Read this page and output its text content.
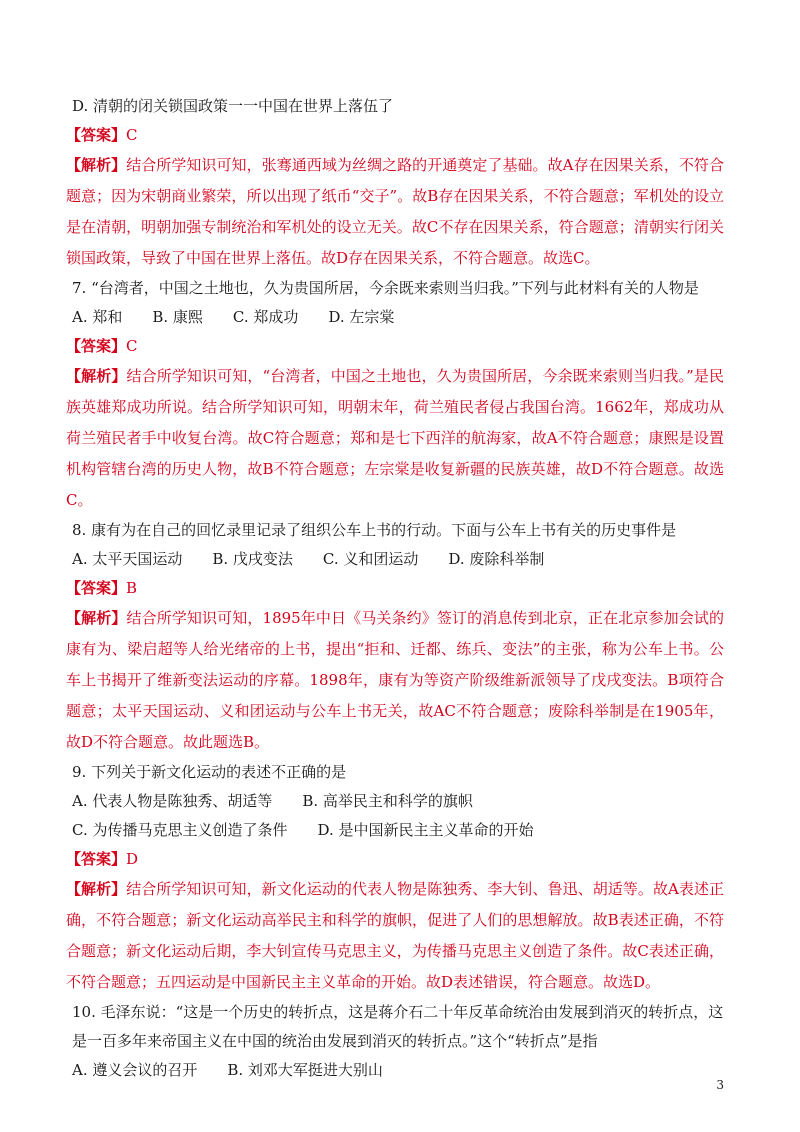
D. 清朝的闭关锁国政策一一中国在世界上落伍了

【答案】C

【解析】结合所学知识可知，张骞通西域为丝绸之路的开通奠定了基础。故A存在因果关系，不符合题意；因为宋朝商业繁荣，所以出现了纸币“交子”。故B存在因果关系，不符合题意；军机处的设立是在清朝，明朝加强专制统治和军机处的设立无关。故C不存在因果关系，符合题意；清朝实行闭关锁国政策，导致了中国在世界上落伍。故D存在因果关系，不符合题意。故选C。

7. “台湾者，中国之土地也，久为贵国所居，今余既来索则当归我。”下列与此材料有关的人物是

A. 郑和　　B. 康熙　　C. 郑成功　　D. 左宗棠

【答案】C

【解析】结合所学知识可知，“台湾者，中国之土地也，久为贵国所居，今余既来索则当归我。”是民族英雄郑成功所说。结合所学知识可知，明朝末年，荷兰殖民者侵占我国台湾。1662年，郑成功从荷兰殖民者手中收复台湾。故C符合题意；郑和是七下西洋的航海家，故A不符合题意；康熙是设置机构管辖台湾的历史人物，故B不符合题意；左宗棠是收复新疆的民族英雄，故D不符合题意。故选C。

8. 康有为在自己的回忆录里记录了组织公车上书的行动。下面与公车上书有关的历史事件是

A. 太平天国运动　　B. 戊戌变法　　C. 义和团运动　　D. 废除科举制

【答案】B

【解析】结合所学知识可知，1895年中日《马关条约》签订的消息传到北京，正在北京参加会试的康有为、梁启超等人给光绪帝的上书，提出“拒和、迁都、练兵、变法”的主张，称为公车上书。公车上书揭开了维新变法运动的序幕。1898年，康有为等资产阶级维新派领导了戊戌变法。B项符合题意；太平天国运动、义和团运动与公车上书无关，故AC不符合题意；废除科举制是在1905年，故D不符合题意。故此题选B。

9. 下列关于新文化运动的表述不正确的是

A. 代表人物是陈独秀、胡适等　　B. 高举民主和科学的旗帜

C. 为传播马克思主义创造了条件　　D. 是中国新民主主义革命的开始

【答案】D

【解析】结合所学知识可知，新文化运动的代表人物是陈独秀、李大钊、鲁迅、胡适等。故A表述正确，不符合题意；新文化运动高举民主和科学的旗帜，促进了人们的思想解放。故B表述正确，不符合题意；新文化运动后期，李大钊宣传马克思主义，为传播马克思主义创造了条件。故C表述正确，不符合题意；五四运动是中国新民主主义革命的开始。故D表述错误，符合题意。故选D。

10. 毛泽东说：“这是一个历史的转折点，这是蒋介石二十年反革命统治由发展到消灭的转折点，这是一百多年来帝国主义在中国的统治由发展到消灭的转折点。”这个“转折点”是指

A. 遵义会议的召开　　B. 刘邓大军挺进大别山

3
